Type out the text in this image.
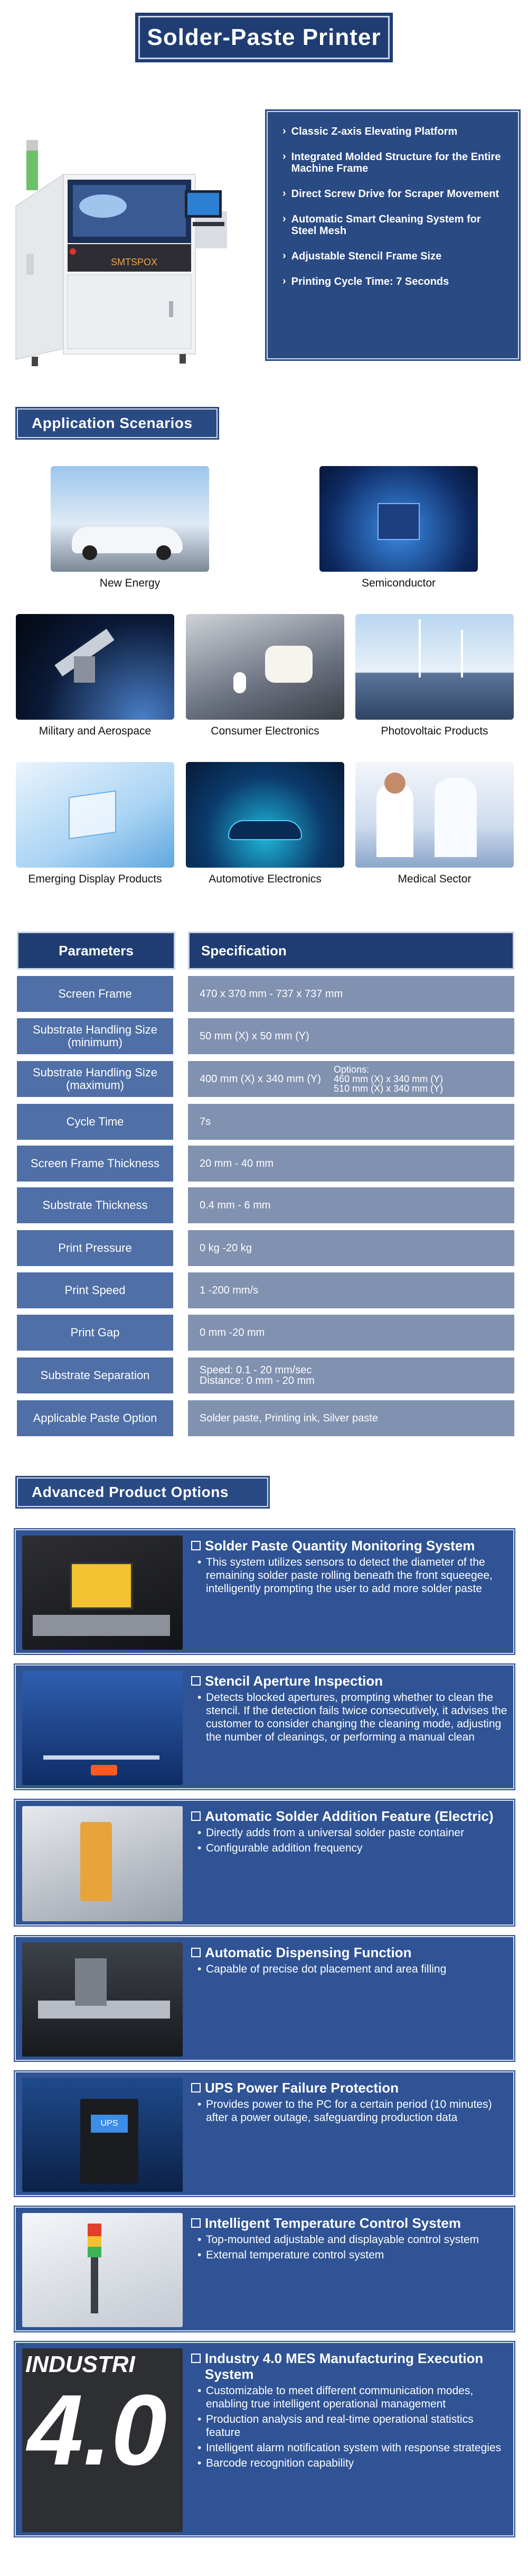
Solder-Paste Printer
SMTSPOX
› Classic Z-axis Elevating Platform
› Integrated Molded Structure for the Entire Machine Frame
› Direct Screw Drive for Scraper Movement
› Automatic Smart Cleaning System for Steel Mesh
› Adjustable Stencil Frame Size
› Printing Cycle Time: 7 Seconds
Application Scenarios
New Energy	Semiconductor
Military and Aerospace	Consumer Electronics	Photovoltaic Products
Emerging Display Products	Automotive Electronics	Medical Sector
Parameters	Specification
Screen Frame	470 x 370 mm - 737 x 737 mm
Substrate Handling Size (minimum)	50 mm (X) x 50 mm (Y)
Substrate Handling Size (maximum)	400 mm (X) x 340 mm (Y)
Options:
460 mm (X) x 340 mm (Y)
510 mm (X) x 340 mm (Y)
Cycle Time	7s
Screen Frame Thickness	20 mm - 40 mm
Substrate Thickness	0.4 mm - 6 mm
Print Pressure	0 kg -20 kg
Print Speed	1 -200 mm/s
Print Gap	0 mm -20 mm
Substrate Separation	Speed: 0.1 - 20 mm/sec
Distance: 0 mm - 20 mm
Applicable Paste Option	Solder paste, Printing ink, Silver paste
Advanced Product Options
Solder Paste Quantity Monitoring System
• This system utilizes sensors to detect the diameter of the remaining solder paste rolling beneath the front squeegee, intelligently prompting the user to add more solder paste
Stencil Aperture Inspection
• Detects blocked apertures, prompting whether to clean the stencil. If the detection fails twice consecutively, it advises the customer to consider changing the cleaning mode, adjusting the number of cleanings, or performing a manual clean
Automatic Solder Addition Feature (Electric)
• Directly adds from a universal solder paste container
• Configurable addition frequency
Automatic Dispensing Function
• Capable of precise dot placement and area filling
UPS
UPS Power Failure Protection
• Provides power to the PC for a certain period (10 minutes) after a power outage, safeguarding production data
Intelligent Temperature Control System
• Top-mounted adjustable and displayable control system
• External temperature control system
INDUSTRI
4.0
Industry 4.0 MES Manufacturing Execution System
• Customizable to meet different communication modes, enabling true intelligent operational management
• Production analysis and real-time operational statistics feature
• Intelligent alarm notification system with response strategies
• Barcode recognition capability
